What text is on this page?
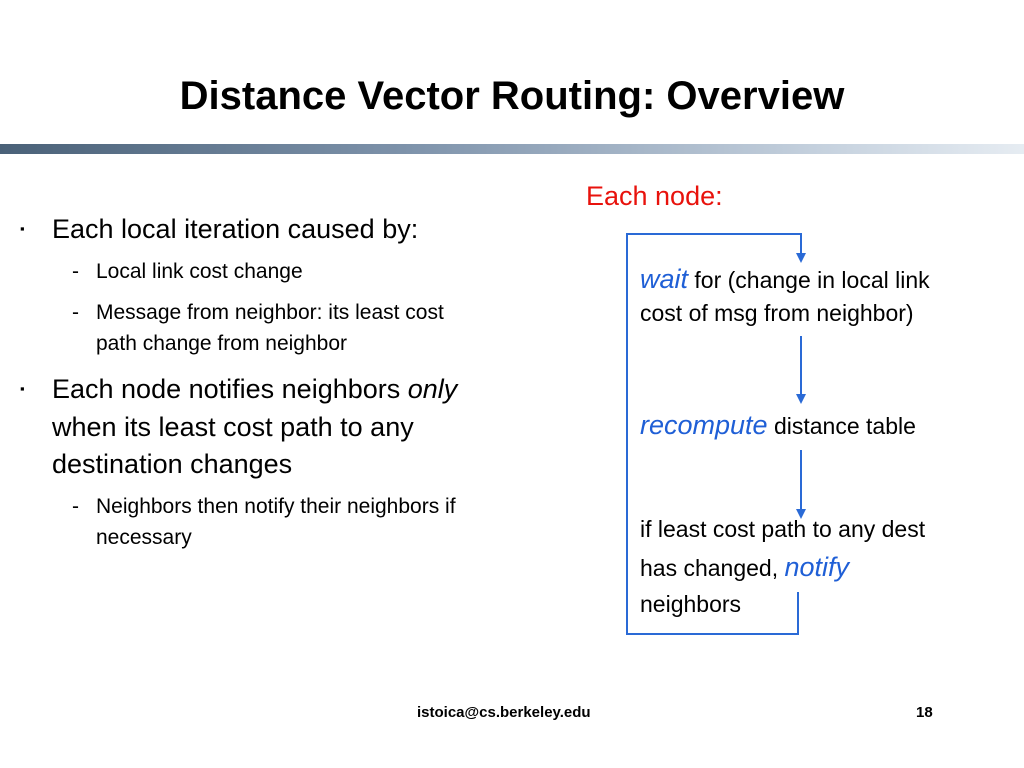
Distance Vector Routing: Overview
▪ Each local iteration caused by:
- Local link cost change
- Message from neighbor: its least cost
path change from neighbor
▪ Each node notifies neighbors only
when its least cost path to any
destination changes
- Neighbors then notify their neighbors if
necessary
Each node:
wait for (change in local link
cost of msg from neighbor)
recompute distance table
if least cost path to any dest
has changed, notify
neighbors
istoica@cs.berkeley.edu	18
